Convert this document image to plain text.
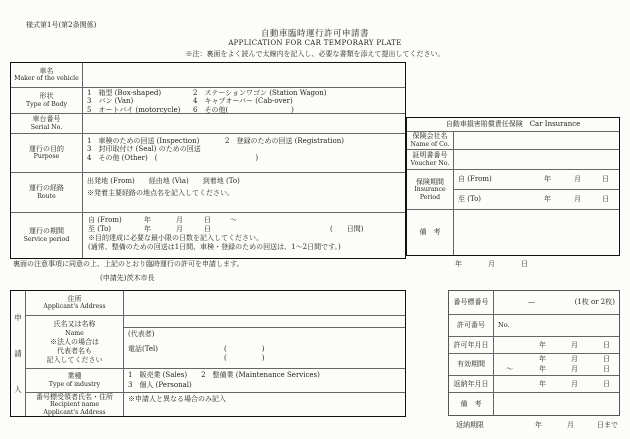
様式第1号(第2条関係)
自動車臨時運行許可申請書
APPLICATION FOR CAR TEMPORARY PLATE
※注：裏面をよく読んで太線内を記入し、必要な書類を添えて提出してください。
車名
Maker of the vehicle
形状
Type of Body
1　箱型 (Box-shaped)	2　ステーションワゴン (Station Wagon)
3　バン (Van)	4　キャブオーバー (Cab-over)
5　オートバイ (motorcycle)	6　その他(　　　　　　　　　)
車台番号
Serial No.
運行の目的
Purpose
1　車検のための回送 (Inspection)	2　登録のための回送 (Registration)
3　封印取付け (Seal) のための回送
4　その他 (Other)　(　　　　　　　　　　　　　　)
運行の経路
Route
出発地 (From)　　経由地 (Via)　　到着地 (To)
※発着主要経路の地点名を記入してください。
運行の期間
Service period
自 (From)	年	月	日	～
至 (To)	年	月	日	(　　日間)
※目的達成に必要な最小限の日数を記入してください。
(通常、整備のための回送は1日間、車検・登録のための回送は、1～2日間です。)
自動車損害賠償責任保険　Car Insurance
保険会社名
Name of Co.
証明書番号
Voucher No.
保険期間
Insurance
Period
自 (From)	年	月	日
至 (To)	年	月	日
備　考
裏面の注意事項に同意の上、上記のとおり臨時運行の許可を申請します。	年	月	日
(申請先)茨木市長
申
請
人
住所
Applicant's Address
氏名又は名称
Name
※法人の場合は
代表者名も
記入してください
(代表者)
電話(Tel)	(　　　　　)
(　　　　　)
業種
Type of industry
1　販売業 (Sales)　　2　整備業 (Maintenance Services)
3　個人 (Personal)
番号標受領者氏名・住所
Recipient name
Applicant's Address
※申請人と異なる場合のみ記入
番号標番号	—	(1枚 or 2枚)
許可番号	No.
許可年月日	年	月	日
有効期間
年	月	日
～	年	月	日
返納年月日	年	月	日
備　考
返納期限	年	月	日まで
